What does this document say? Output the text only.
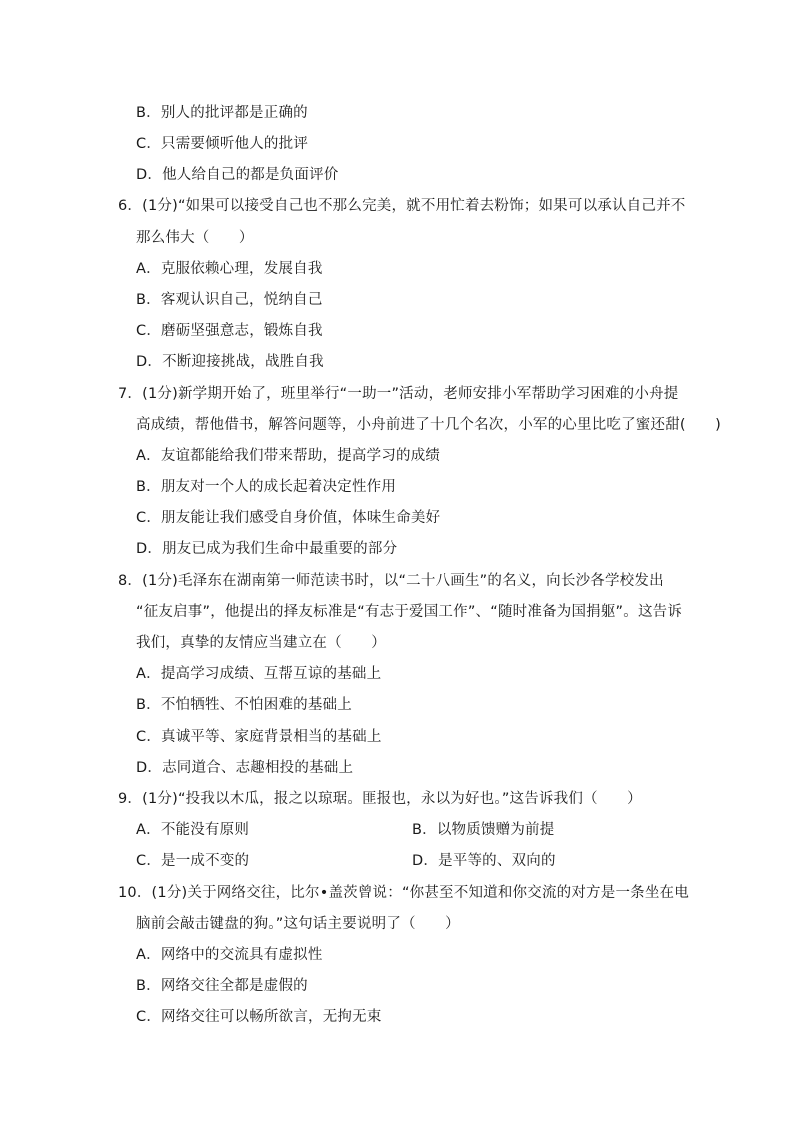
B．别人的批评都是正确的
C．只需要倾听他人的批评
D．他人给自己的都是负面评价
6．(1分)“如果可以接受自己也不那么完美，就不用忙着去粉饰；如果可以承认自己并不
那么伟大（　　）
A．克服依赖心理，发展自我
B．客观认识自己，悦纳自己
C．磨砺坚强意志，锻炼自我
D．不断迎接挑战，战胜自我
7．(1分)新学期开始了，班里举行“一助一”活动，老师安排小军帮助学习困难的小舟提
高成绩，帮他借书，解答问题等，小舟前进了十几个名次，小军的心里比吃了蜜还甜(　　)
A．友谊都能给我们带来帮助，提高学习的成绩
B．朋友对一个人的成长起着决定性作用
C．朋友能让我们感受自身价值，体味生命美好
D．朋友已成为我们生命中最重要的部分
8．(1分)毛泽东在湖南第一师范读书时，以“二十八画生”的名义，向长沙各学校发出
“征友启事”，他提出的择友标准是“有志于爱国工作”、“随时准备为国捐躯”。这告诉
我们，真挚的友情应当建立在（　　）
A．提高学习成绩、互帮互谅的基础上
B．不怕牺牲、不怕困难的基础上
C．真诚平等、家庭背景相当的基础上
D．志同道合、志趣相投的基础上
9．(1分)“投我以木瓜，报之以琼琚。匪报也，永以为好也。”这告诉我们（　　）
A．不能没有原则	B．以物质馈赠为前提
C．是一成不变的	D．是平等的、双向的
10．(1分)关于网络交往，比尔•盖茨曾说：“你甚至不知道和你交流的对方是一条坐在电
脑前会敲击键盘的狗。”这句话主要说明了（　　）
A．网络中的交流具有虚拟性
B．网络交往全都是虚假的
C．网络交往可以畅所欲言，无拘无束
